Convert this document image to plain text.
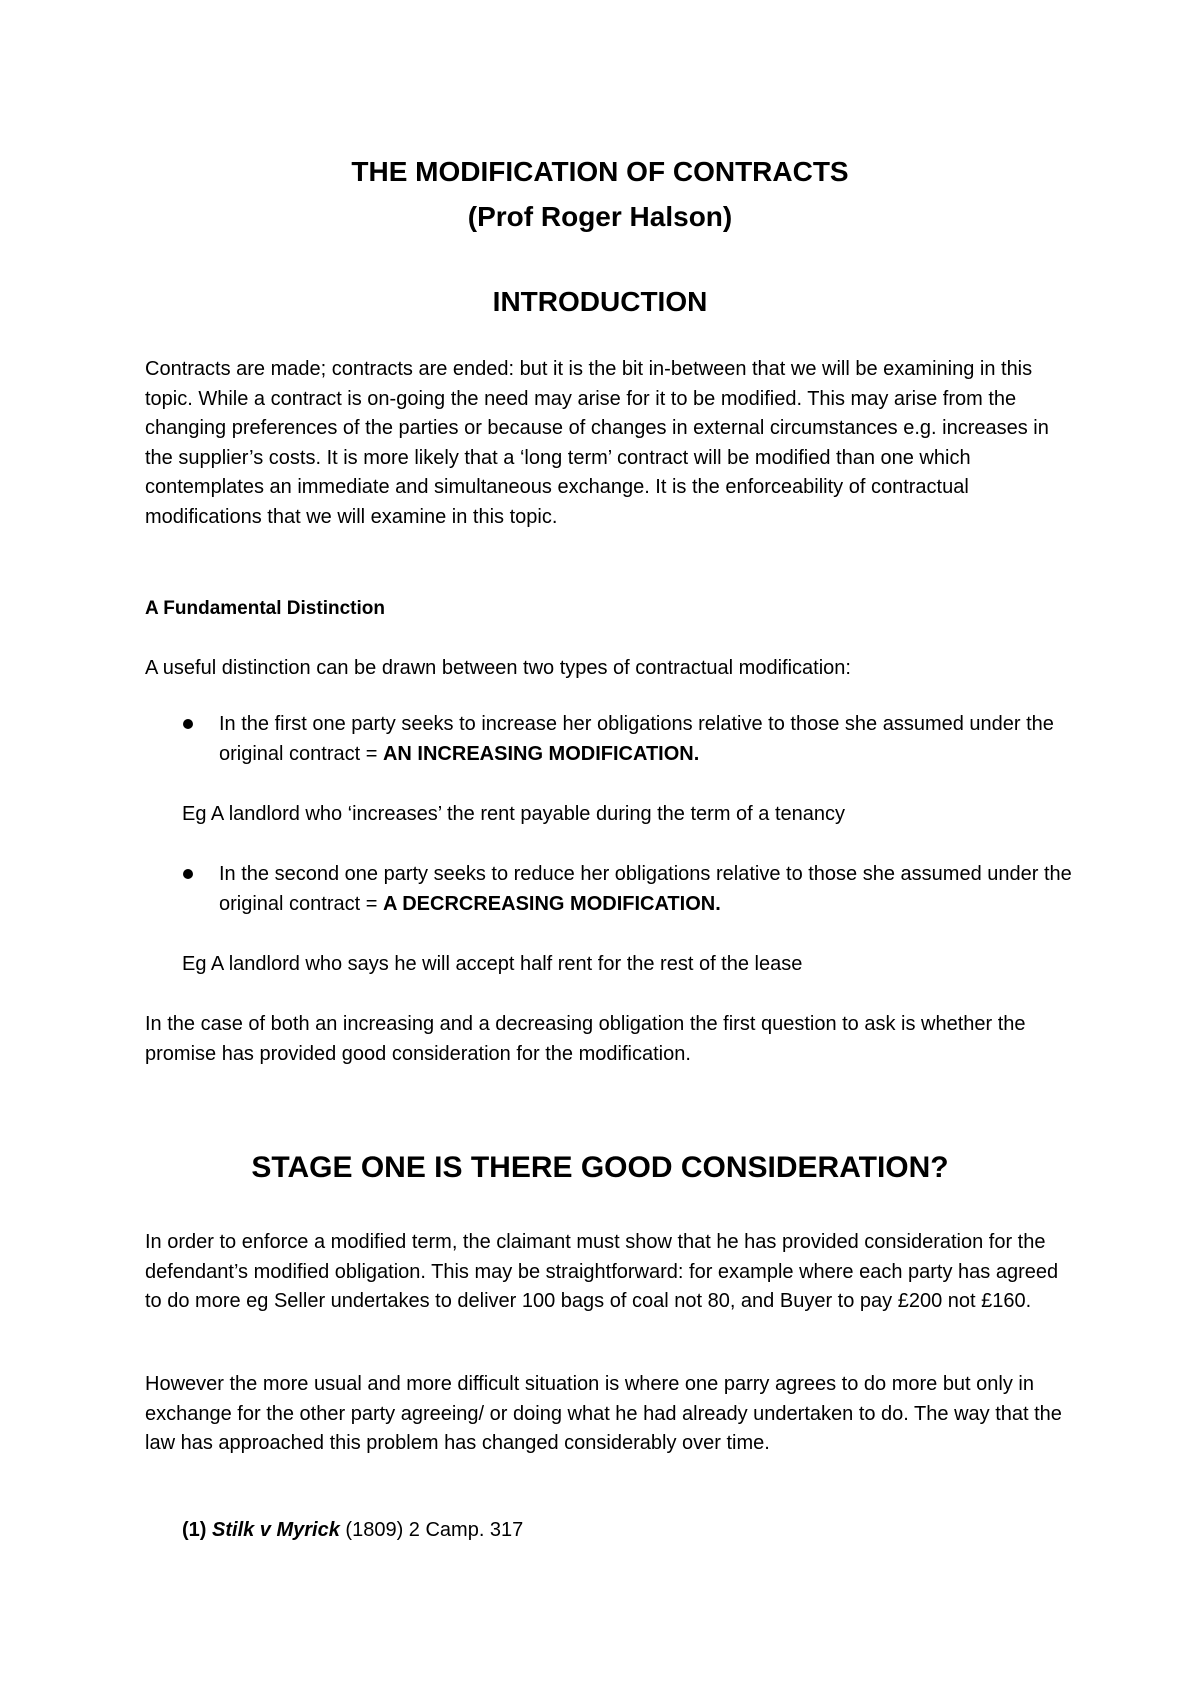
THE MODIFICATION OF CONTRACTS
(Prof Roger Halson)
INTRODUCTION

Contracts are made; contracts are ended: but it is the bit in-between that we will be examining in this topic. While a contract is on-going the need may arise for it to be modified. This may arise from the changing preferences of the parties or because of changes in external circumstances e.g. increases in the supplier’s costs. It is more likely that a ‘long term’ contract will be modified than one which contemplates an immediate and simultaneous exchange. It is the enforceability of contractual modifications that we will examine in this topic.

A Fundamental Distinction

A useful distinction can be drawn between two types of contractual modification:

In the first one party seeks to increase her obligations relative to those she assumed under the original contract = AN INCREASING MODIFICATION.

Eg A landlord who ‘increases’ the rent payable during the term of a tenancy

In the second one party seeks to reduce her obligations relative to those she assumed under the original contract = A DECRCREASING MODIFICATION.

Eg A landlord who says he will accept half rent for the rest of the lease

In the case of both an increasing and a decreasing obligation the first question to ask is whether the promise has provided good consideration for the modification.

STAGE ONE IS THERE GOOD CONSIDERATION?

In order to enforce a modified term, the claimant must show that he has provided consideration for the defendant’s modified obligation. This may be straightforward: for example where each party has agreed to do more eg Seller undertakes to deliver 100 bags of coal not 80, and Buyer to pay £200 not £160.

However the more usual and more difficult situation is where one parry agrees to do more but only in exchange for the other party agreeing/ or doing what he had already undertaken to do. The way that the law has approached this problem has changed considerably over time.

(1) Stilk v Myrick (1809) 2 Camp. 317
